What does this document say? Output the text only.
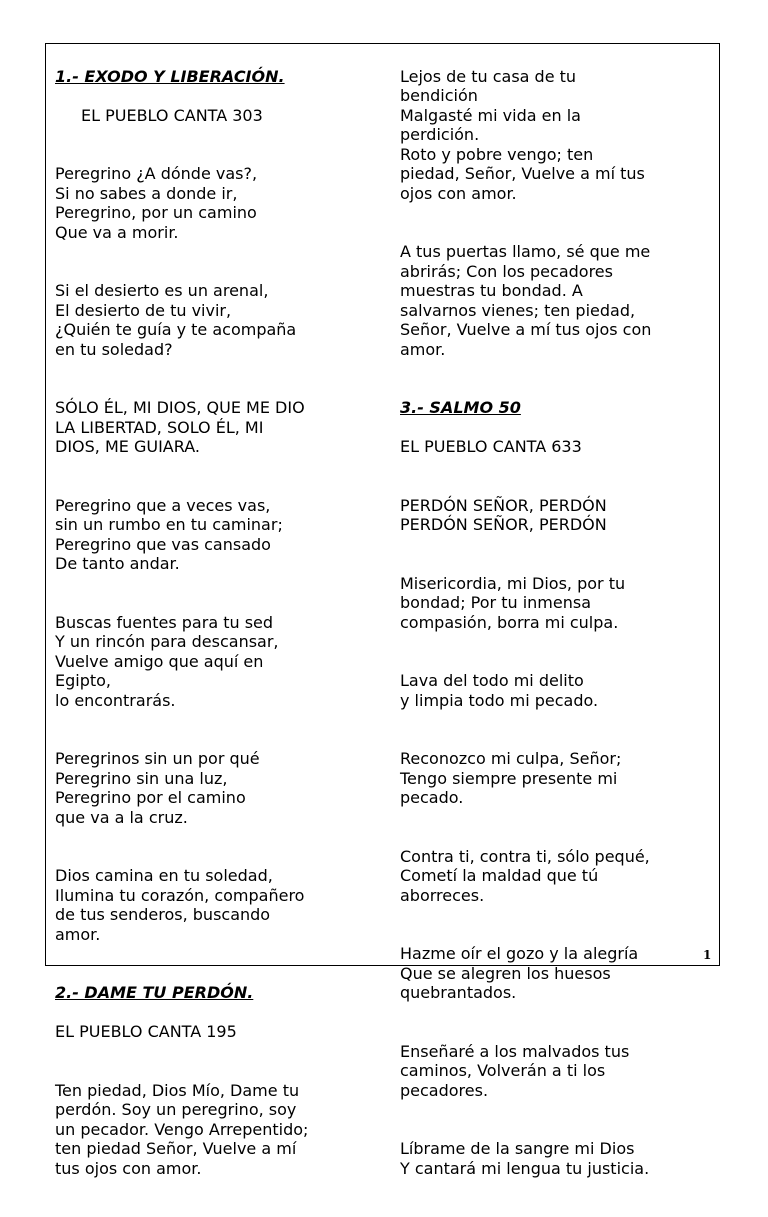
1.- EXODO Y LIBERACIÓN.

EL PUEBLO CANTA 303

Peregrino ¿A dónde vas?,
Si no sabes a donde ir,
Peregrino, por un camino
Que va a morir.

Si el desierto es un arenal,
El desierto de tu vivir,
¿Quién te guía y te acompaña
en tu soledad?

SÓLO ÉL, MI DIOS, QUE ME DIO
LA LIBERTAD, SOLO ÉL, MI
DIOS, ME GUIARA.

Peregrino que a veces vas,
sin un rumbo en tu caminar;
Peregrino que vas cansado
De tanto andar.

Buscas fuentes para tu sed
Y un rincón para descansar,
Vuelve amigo que aquí en
Egipto,
lo encontrarás.

Peregrinos sin un por qué
Peregrino sin una luz,
Peregrino por el camino
que va a la cruz.

Dios camina en tu soledad,
Ilumina tu corazón, compañero
de tus senderos, buscando
amor.

2.- DAME TU PERDÓN.

EL PUEBLO CANTA 195

Ten piedad, Dios Mío, Dame tu
perdón. Soy un peregrino, soy
un pecador. Vengo Arrepentido;
ten piedad Señor, Vuelve a mí
tus ojos con amor.

Lejos de tu casa de tu
bendición
Malgasté mi vida en la
perdición.
Roto y pobre vengo; ten
piedad, Señor, Vuelve a mí tus
ojos con amor.

A tus puertas llamo, sé que me
abrirás; Con los pecadores
muestras tu bondad. A
salvarnos vienes; ten piedad,
Señor, Vuelve a mí tus ojos con
amor.

3.- SALMO 50

EL PUEBLO CANTA 633

PERDÓN SEÑOR, PERDÓN
PERDÓN SEÑOR, PERDÓN

Misericordia, mi Dios, por tu
bondad; Por tu inmensa
compasión, borra mi culpa.

Lava del todo mi delito
y limpia todo mi pecado.

Reconozco mi culpa, Señor;
Tengo siempre presente mi
pecado.

Contra ti, contra ti, sólo pequé,
Cometí la maldad que tú
aborreces.

Hazme oír el gozo y la alegría
Que se alegren los huesos
quebrantados.

Enseñaré a los malvados tus
caminos, Volverán a ti los
pecadores.

Líbrame de la sangre mi Dios
Y cantará mi lengua tu justicia.

1
